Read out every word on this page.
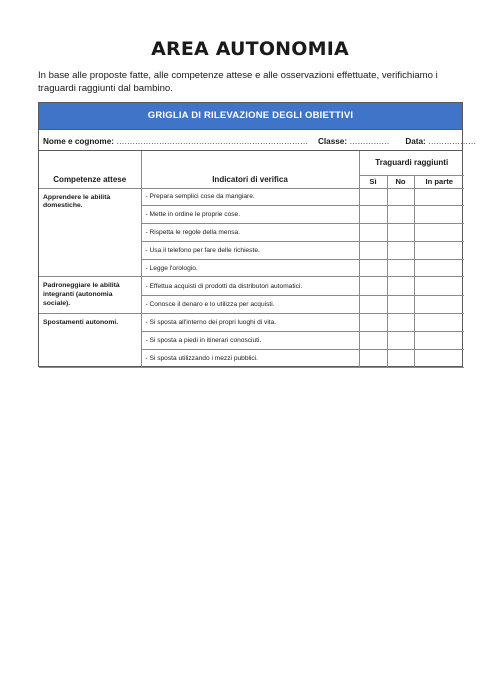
AREA AUTONOMIA
In base alle proposte fatte, alle competenze attese e alle osservazioni effettuate, verifichiamo i traguardi raggiunti dal bambino.
GRIGLIA DI RILEVAZIONE DEGLI OBIETTIVI
Nome e cognome: ……………………………………………………………… Classe: …………… Data: ………………
Competenze attese	Indicatori di verifica	Traguardi raggiunti		
		Sì	No	In parte
Apprendere le abilità domestiche.	- Prepara semplici cose da mangiare.			
	- Mette in ordine le proprie cose.			
	- Rispetta le regole della mensa.			
	- Usa il telefono per fare delle richieste.			
	- Legge l'orologio.			
Padroneggiare le abilità integranti (autonomia sociale).	- Effettua acquisti di prodotti da distributori automatici.			
	- Conosce il denaro e lo utilizza per acquisti.			
Spostamenti autonomi.	- Si sposta all'interno dei propri luoghi di vita.			
	- Si sposta a piedi in itinerari conosciuti.			
	- Si sposta utilizzando i mezzi pubblici.			
